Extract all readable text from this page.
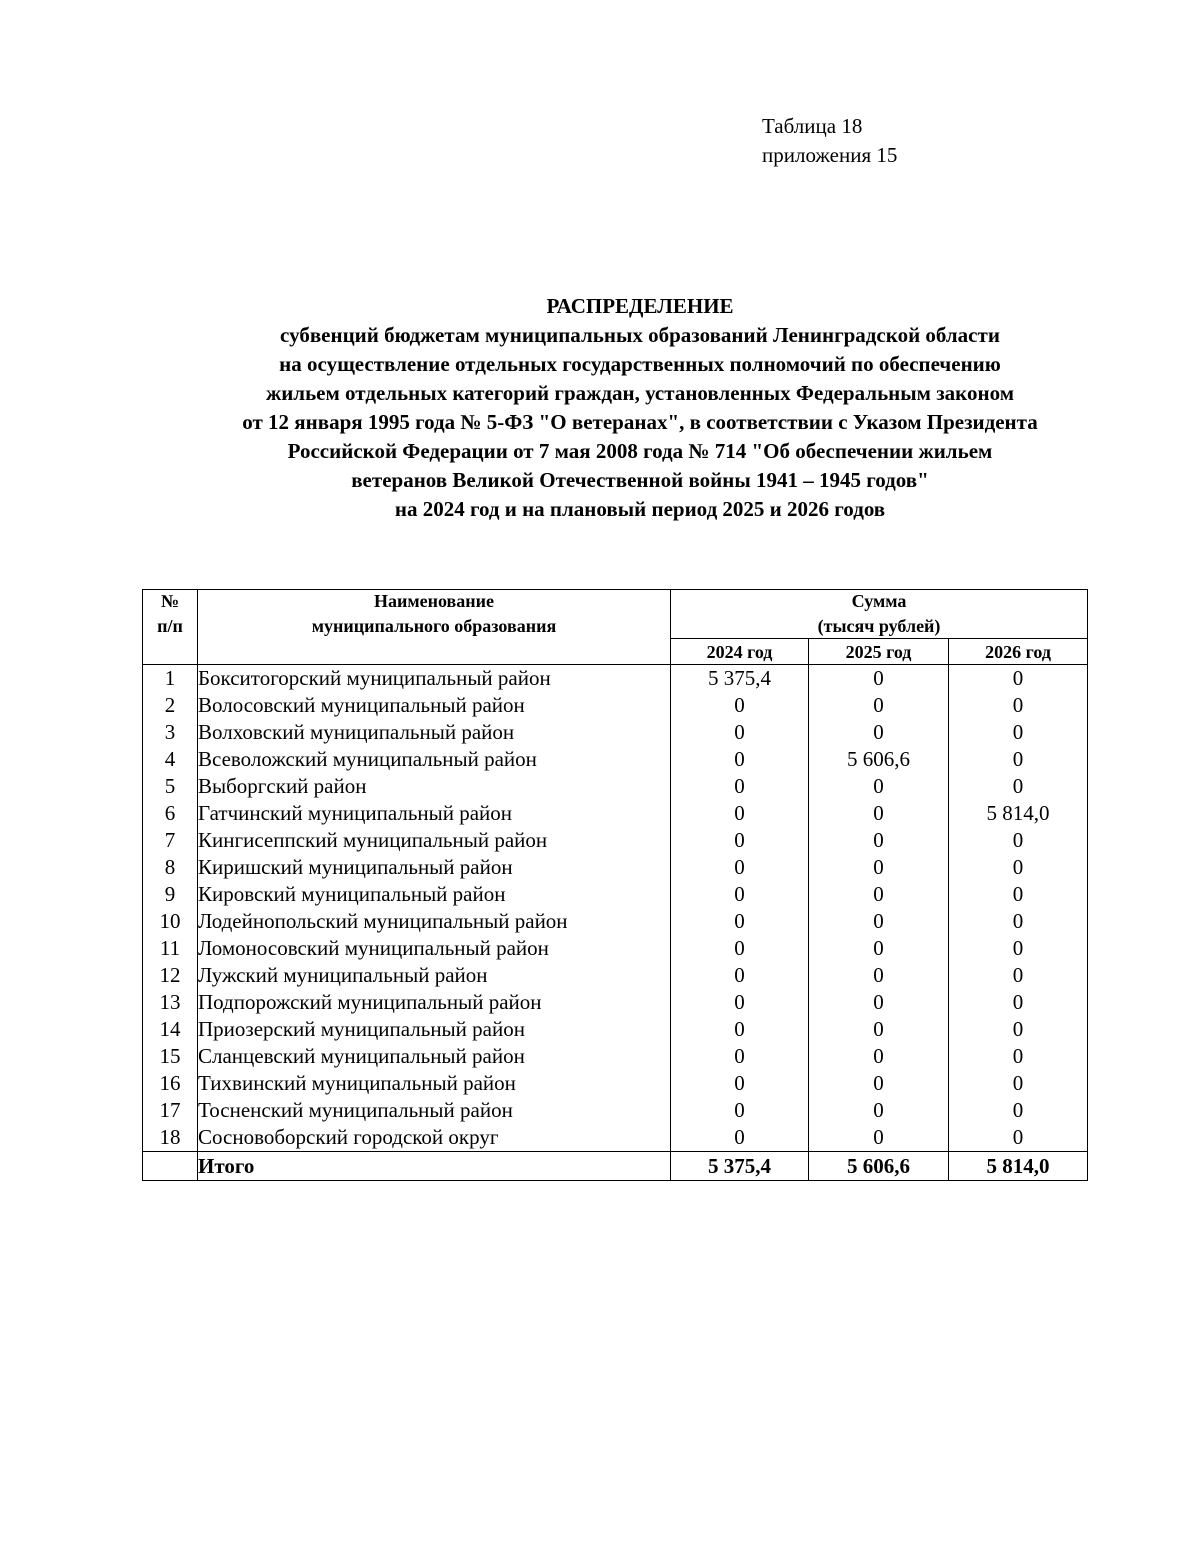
Таблица 18
приложения 15
РАСПРЕДЕЛЕНИЕ
субвенций бюджетам муниципальных образований Ленинградской области
на осуществление отдельных государственных полномочий по обеспечению
жильем отдельных категорий граждан, установленных Федеральным законом
от 12 января 1995 года № 5-ФЗ "О ветеранах", в соответствии с Указом Президента
Российской Федерации от 7 мая 2008 года № 714 "Об обеспечении жильем
ветеранов Великой Отечественной войны 1941 – 1945 годов"
на 2024 год и на плановый период 2025 и 2026 годов
№	Наименование	Сумма		
п/п	муниципального образования	(тысяч рублей)		
		2024 год	2025 год	2026 год
1	Бокситогорский муниципальный район	5 375,4	0	0
2	Волосовский муниципальный район	0	0	0
3	Волховский муниципальный район	0	0	0
4	Всеволожский муниципальный район	0	5 606,6	0
5	Выборгский район	0	0	0
6	Гатчинский муниципальный район	0	0	5 814,0
7	Кингисеппский муниципальный район	0	0	0
8	Киришский муниципальный район	0	0	0
9	Кировский муниципальный район	0	0	0
10	Лодейнопольский муниципальный район	0	0	0
11	Ломоносовский муниципальный район	0	0	0
12	Лужский муниципальный район	0	0	0
13	Подпорожский муниципальный район	0	0	0
14	Приозерский муниципальный район	0	0	0
15	Сланцевский муниципальный район	0	0	0
16	Тихвинский муниципальный район	0	0	0
17	Тосненский муниципальный район	0	0	0
18	Сосновоборский городской округ	0	0	0
	Итого	5 375,4	5 606,6	5 814,0
